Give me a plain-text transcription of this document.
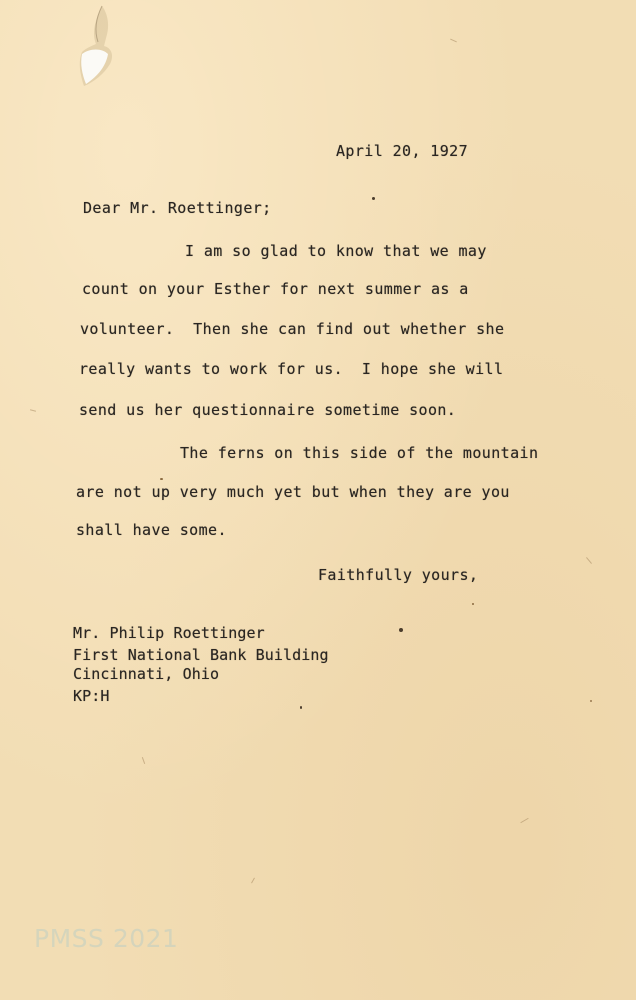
April 20, 1927
Dear Mr. Roettinger;
I am so glad to know that we may
count on your Esther for next summer as a
volunteer.  Then she can find out whether she
really wants to work for us.  I hope she will
send us her questionnaire sometime soon.
The ferns on this side of the mountain
are not up very much yet but when they are you
shall have some.
Faithfully yours,
Mr. Philip Roettinger
First National Bank Building
Cincinnati, Ohio
KP:H
PMSS 2021
